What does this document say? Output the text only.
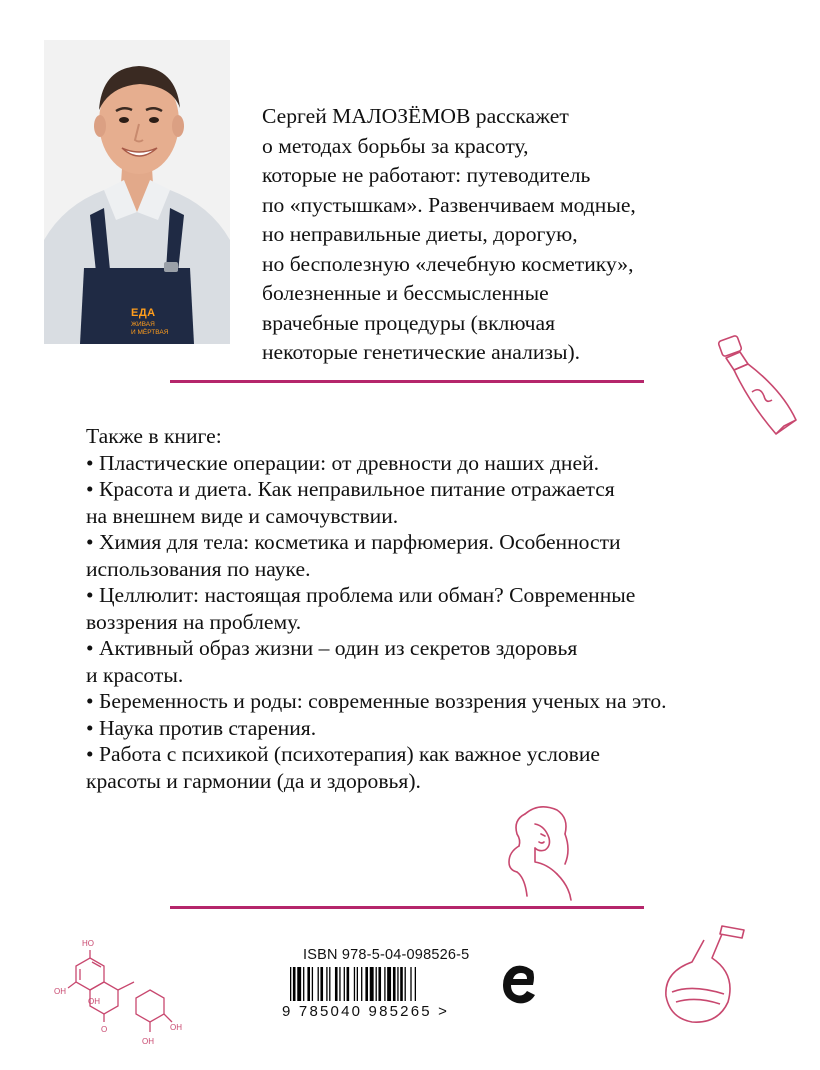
ЕДА
ЖИВАЯ
И МЁРТВАЯ

Сергей МАЛОЗЁМОВ расскажет
о методах борьбы за красоту,
которые не работают: путеводитель
по «пустышкам». Развенчиваем модные,
но неправильные диеты, дорогую,
но бесполезную «лечебную косметику»,
болезненные и бессмысленные
врачебные процедуры (включая
некоторые генетические анализы).

Также в книге:
• Пластические операции: от древности до наших дней.
• Красота и диета. Как неправильное питание отражается
на внешнем виде и самочувствии.
• Химия для тела: косметика и парфюмерия. Особенности
использования по науке.
• Целлюлит: настоящая проблема или обман? Современные
воззрения на проблему.
• Активный образ жизни – один из секретов здоровья
и красоты.
• Беременность и роды: современные воззрения ученых на это.
• Наука против старения.
• Работа с психикой (психотерапия) как важное условие
красоты и гармонии (да и здоровья).

HO
OH
OH
O	OH
OH
ISBN 978-5-04-098526-5
9 785040 985265 >
